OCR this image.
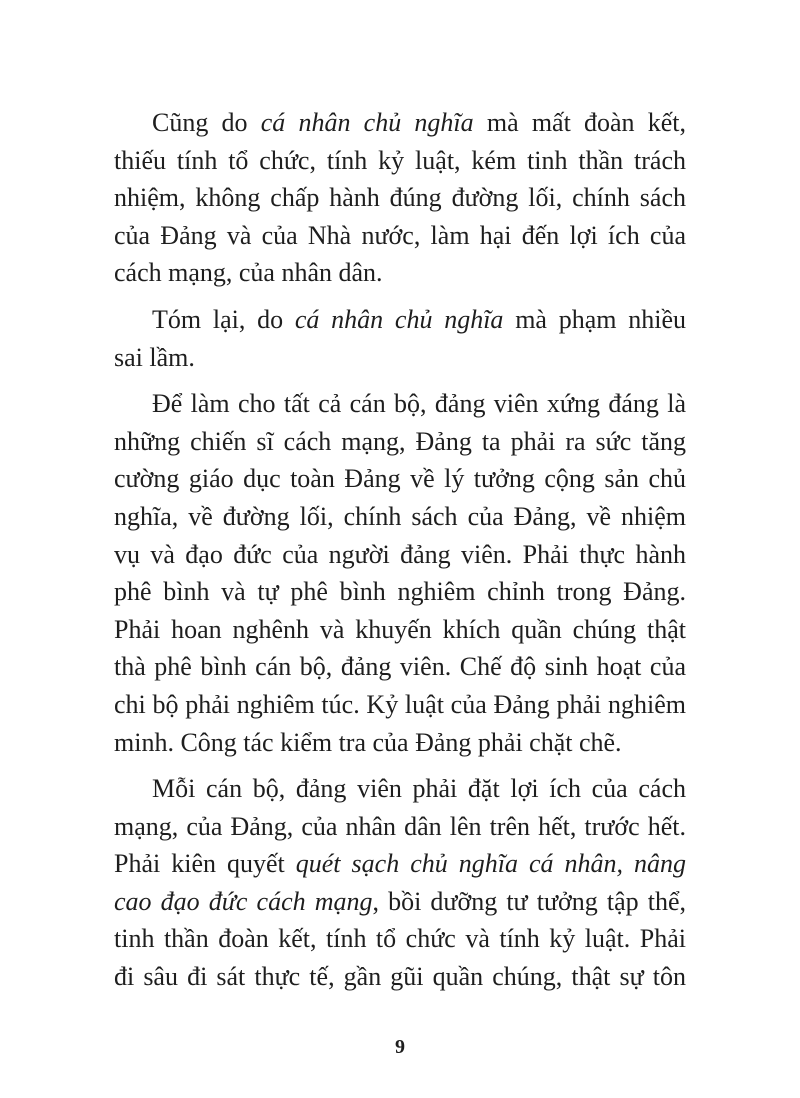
Cũng do cá nhân chủ nghĩa mà mất đoàn kết,
thiếu tính tổ chức, tính kỷ luật, kém tinh thần trách
nhiệm, không chấp hành đúng đường lối, chính sách
của Đảng và của Nhà nước, làm hại đến lợi ích của
cách mạng, của nhân dân.
Tóm lại, do cá nhân chủ nghĩa mà phạm nhiều
sai lầm.
Để làm cho tất cả cán bộ, đảng viên xứng đáng là
những chiến sĩ cách mạng, Đảng ta phải ra sức tăng
cường giáo dục toàn Đảng về lý tưởng cộng sản chủ
nghĩa, về đường lối, chính sách của Đảng, về nhiệm
vụ và đạo đức của người đảng viên. Phải thực hành
phê bình và tự phê bình nghiêm chỉnh trong Đảng.
Phải hoan nghênh và khuyến khích quần chúng thật
thà phê bình cán bộ, đảng viên. Chế độ sinh hoạt của
chi bộ phải nghiêm túc. Kỷ luật của Đảng phải nghiêm
minh. Công tác kiểm tra của Đảng phải chặt chẽ.
Mỗi cán bộ, đảng viên phải đặt lợi ích của cách
mạng, của Đảng, của nhân dân lên trên hết, trước hết.
Phải kiên quyết quét sạch chủ nghĩa cá nhân, nâng
cao đạo đức cách mạng, bồi dưỡng tư tưởng tập thể,
tinh thần đoàn kết, tính tổ chức và tính kỷ luật. Phải
đi sâu đi sát thực tế, gần gũi quần chúng, thật sự tôn
9
